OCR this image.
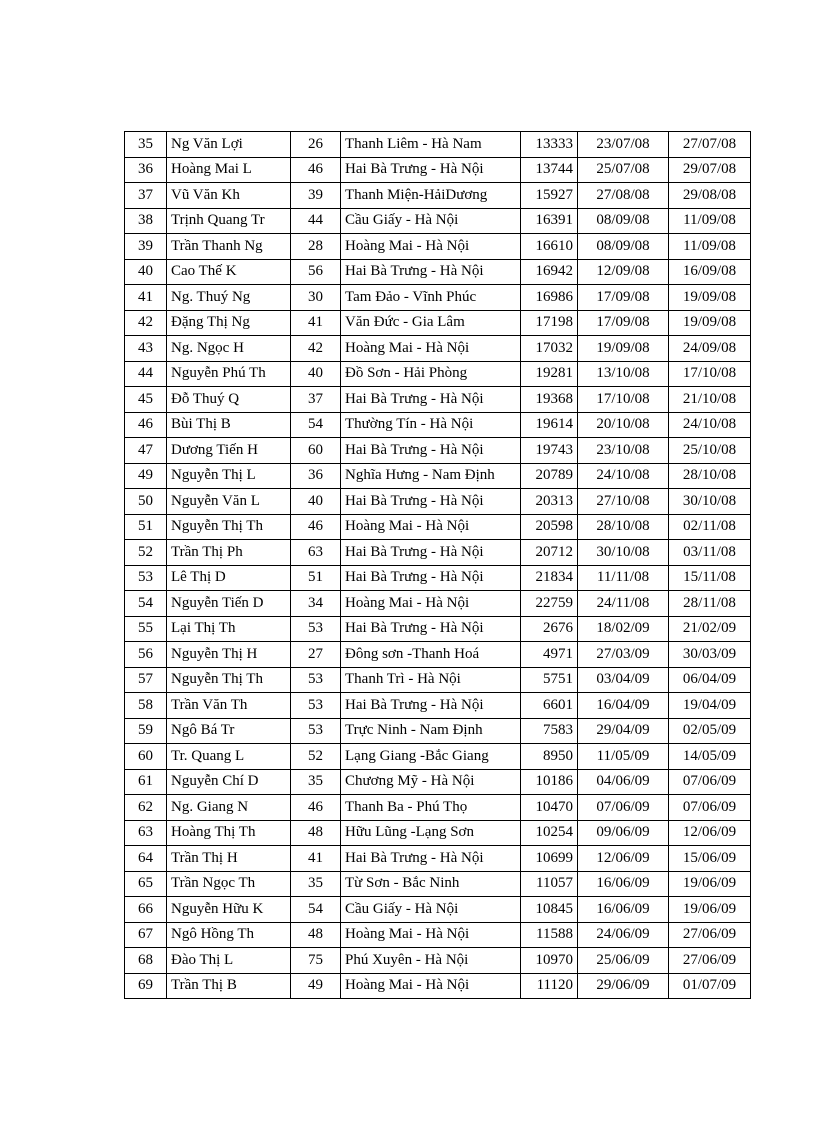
35	Ng Văn Lợi	26	Thanh Liêm - Hà Nam	13333	23/07/08	27/07/08
36	Hoàng Mai L	46	Hai Bà Trưng - Hà Nội	13744	25/07/08	29/07/08
37	Vũ Văn Kh	39	Thanh Miện-HảiDương	15927	27/08/08	29/08/08
38	Trịnh Quang Tr	44	Cầu Giấy - Hà Nội	16391	08/09/08	11/09/08
39	Trần Thanh Ng	28	Hoàng Mai - Hà Nội	16610	08/09/08	11/09/08
40	Cao Thế K	56	Hai Bà Trưng - Hà Nội	16942	12/09/08	16/09/08
41	Ng. Thuý Ng	30	Tam Đảo - Vĩnh Phúc	16986	17/09/08	19/09/08
42	Đặng Thị Ng	41	Văn Đức - Gia Lâm	17198	17/09/08	19/09/08
43	Ng. Ngọc H	42	Hoàng Mai - Hà Nội	17032	19/09/08	24/09/08
44	Nguyễn Phú Th	40	Đồ Sơn - Hải Phòng	19281	13/10/08	17/10/08
45	Đỗ Thuý Q	37	Hai Bà Trưng - Hà Nội	19368	17/10/08	21/10/08
46	Bùi Thị B	54	Thường Tín - Hà Nội	19614	20/10/08	24/10/08
47	Dương Tiến H	60	Hai Bà Trưng - Hà Nội	19743	23/10/08	25/10/08
49	Nguyễn Thị L	36	Nghĩa Hưng - Nam Định	20789	24/10/08	28/10/08
50	Nguyễn Văn L	40	Hai Bà Trưng - Hà Nội	20313	27/10/08	30/10/08
51	Nguyễn Thị Th	46	Hoàng Mai - Hà Nội	20598	28/10/08	02/11/08
52	Trần Thị Ph	63	Hai Bà Trưng - Hà Nội	20712	30/10/08	03/11/08
53	Lê Thị D	51	Hai Bà Trưng - Hà Nội	21834	11/11/08	15/11/08
54	Nguyễn Tiến D	34	Hoàng Mai - Hà Nội	22759	24/11/08	28/11/08
55	Lại Thị Th	53	Hai Bà Trưng - Hà Nội	2676	18/02/09	21/02/09
56	Nguyễn Thị H	27	Đông sơn -Thanh Hoá	4971	27/03/09	30/03/09
57	Nguyễn Thị Th	53	Thanh Trì - Hà Nội	5751	03/04/09	06/04/09
58	Trần Văn Th	53	Hai Bà Trưng - Hà Nội	6601	16/04/09	19/04/09
59	Ngô Bá Tr	53	Trực Ninh - Nam Định	7583	29/04/09	02/05/09
60	Tr. Quang L	52	Lạng Giang -Bắc Giang	8950	11/05/09	14/05/09
61	Nguyễn Chí D	35	Chương Mỹ - Hà Nội	10186	04/06/09	07/06/09
62	Ng. Giang N	46	Thanh Ba - Phú Thọ	10470	07/06/09	07/06/09
63	Hoàng Thị Th	48	Hữu Lũng -Lạng Sơn	10254	09/06/09	12/06/09
64	Trần Thị H	41	Hai Bà Trưng - Hà Nội	10699	12/06/09	15/06/09
65	Trần Ngọc Th	35	Từ Sơn - Bắc Ninh	11057	16/06/09	19/06/09
66	Nguyễn Hữu K	54	Cầu Giấy - Hà Nội	10845	16/06/09	19/06/09
67	Ngô Hồng Th	48	Hoàng Mai - Hà Nội	11588	24/06/09	27/06/09
68	Đào Thị L	75	Phú Xuyên - Hà Nội	10970	25/06/09	27/06/09
69	Trần Thị B	49	Hoàng Mai - Hà Nội	11120	29/06/09	01/07/09
